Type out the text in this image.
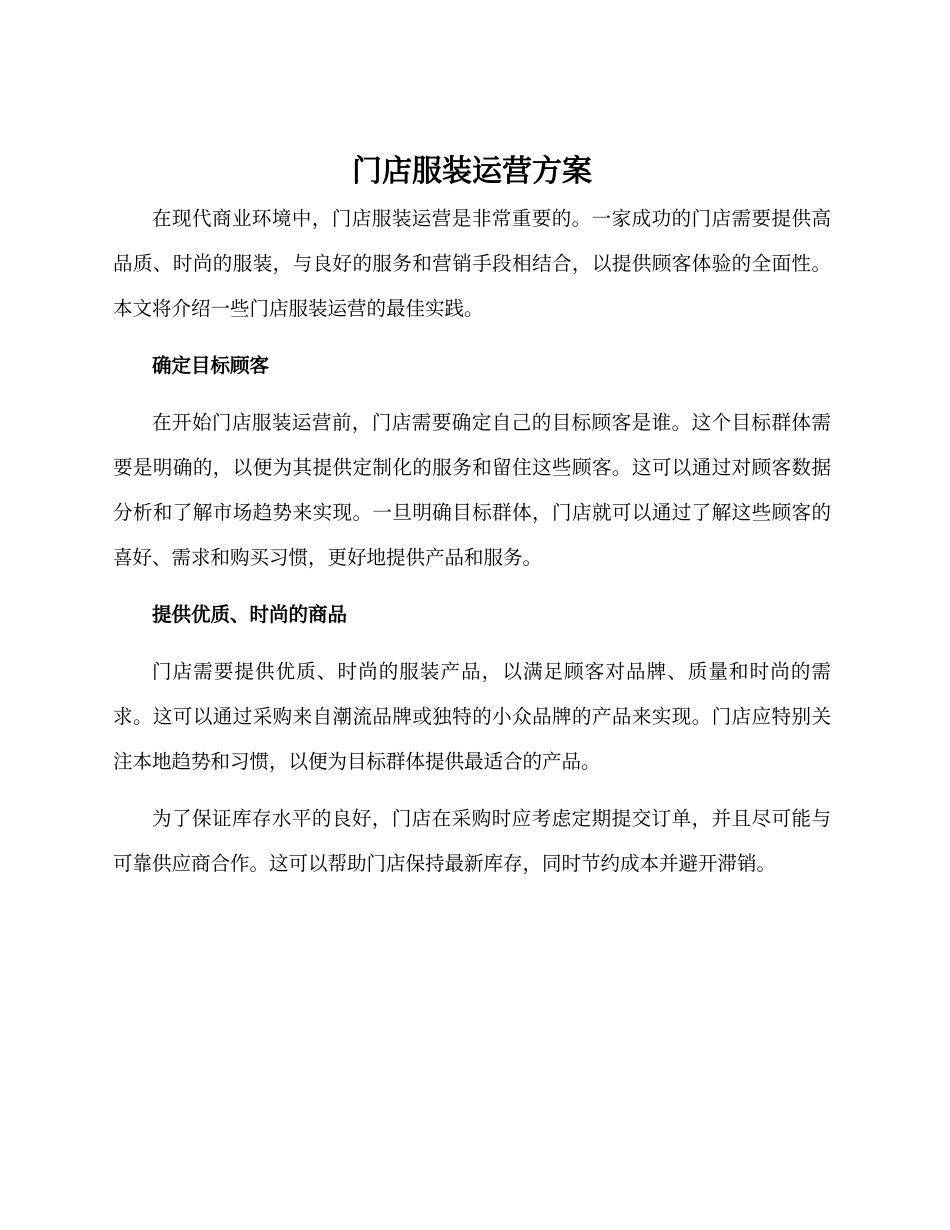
门店服装运营方案

在现代商业环境中，门店服装运营是非常重要的。一家成功的门店需要提供高品质、时尚的服装，与良好的服务和营销手段相结合，以提供顾客体验的全面性。本文将介绍一些门店服装运营的最佳实践。

确定目标顾客

在开始门店服装运营前，门店需要确定自己的目标顾客是谁。这个目标群体需要是明确的，以便为其提供定制化的服务和留住这些顾客。这可以通过对顾客数据分析和了解市场趋势来实现。一旦明确目标群体，门店就可以通过了解这些顾客的喜好、需求和购买习惯，更好地提供产品和服务。

提供优质、时尚的商品

门店需要提供优质、时尚的服装产品，以满足顾客对品牌、质量和时尚的需求。这可以通过采购来自潮流品牌或独特的小众品牌的产品来实现。门店应特别关注本地趋势和习惯，以便为目标群体提供最适合的产品。

为了保证库存水平的良好，门店在采购时应考虑定期提交订单，并且尽可能与可靠供应商合作。这可以帮助门店保持最新库存，同时节约成本并避开滞销。
